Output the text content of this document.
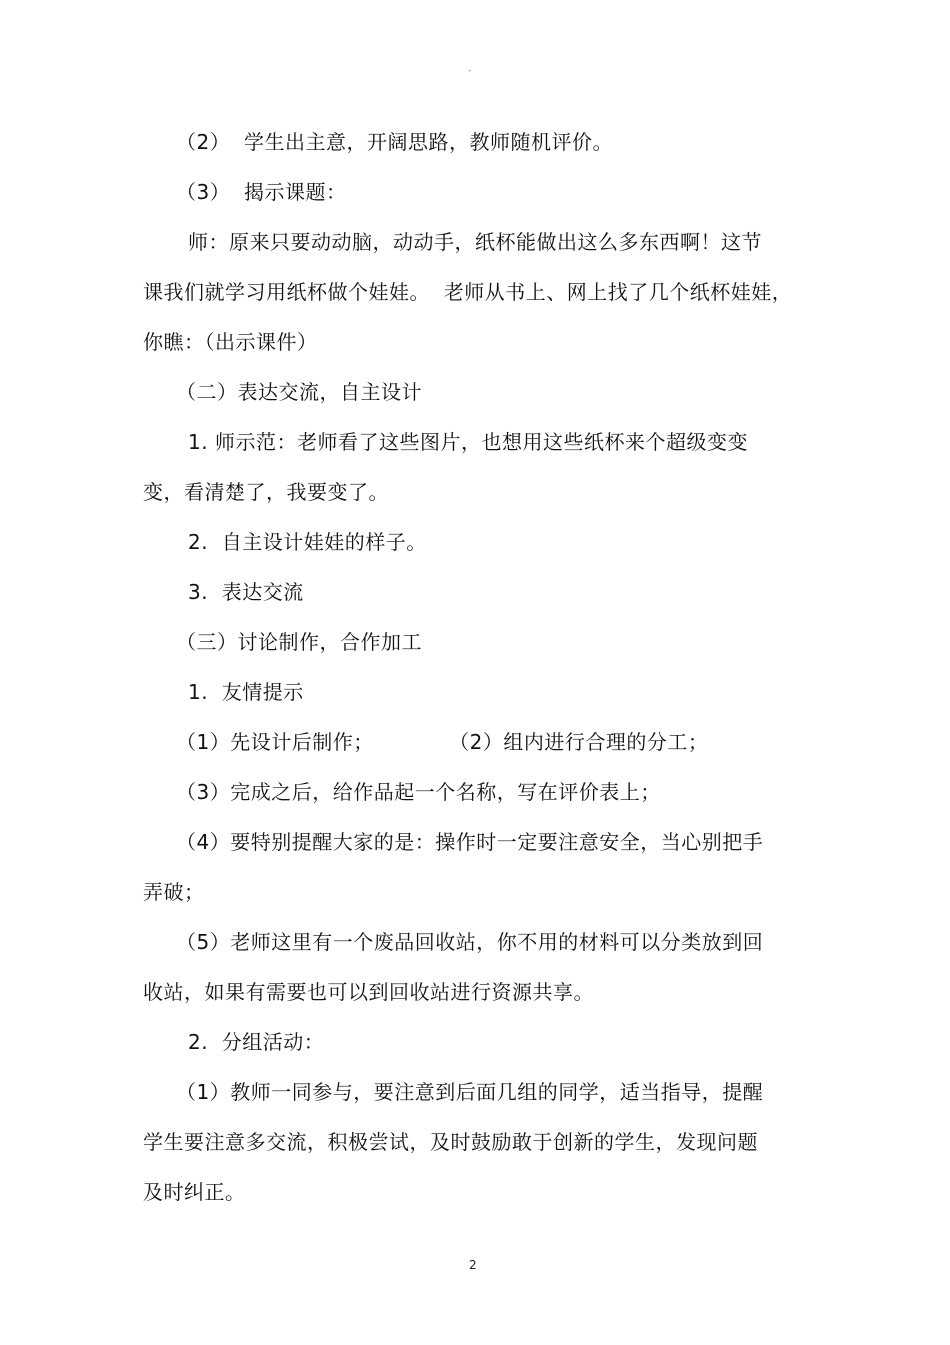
-
（2）  学生出主意，开阔思路，教师随机评价。
（3）  揭示课题：
师：原来只要动动脑，动动手，纸杯能做出这么多东西啊！这节
课我们就学习用纸杯做个娃娃。  老师从书上、网上找了几个纸杯娃娃，
你瞧：（出示课件）
（二）表达交流，自主设计
1. 师示范：老师看了这些图片，也想用这些纸杯来个超级变变
变，看清楚了，我要变了。
2.  自主设计娃娃的样子。
3.  表达交流
（三）讨论制作，合作加工
1.  友情提示
（1）先设计后制作；           （2）组内进行合理的分工；
（3）完成之后，给作品起一个名称，写在评价表上；
（4）要特别提醒大家的是：操作时一定要注意安全，当心别把手
弄破；
（5）老师这里有一个废品回收站，你不用的材料可以分类放到回
收站，如果有需要也可以到回收站进行资源共享。
2.  分组活动：
（1）教师一同参与，要注意到后面几组的同学，适当指导，提醒
学生要注意多交流，积极尝试，及时鼓励敢于创新的学生，发现问题
及时纠正。
2
